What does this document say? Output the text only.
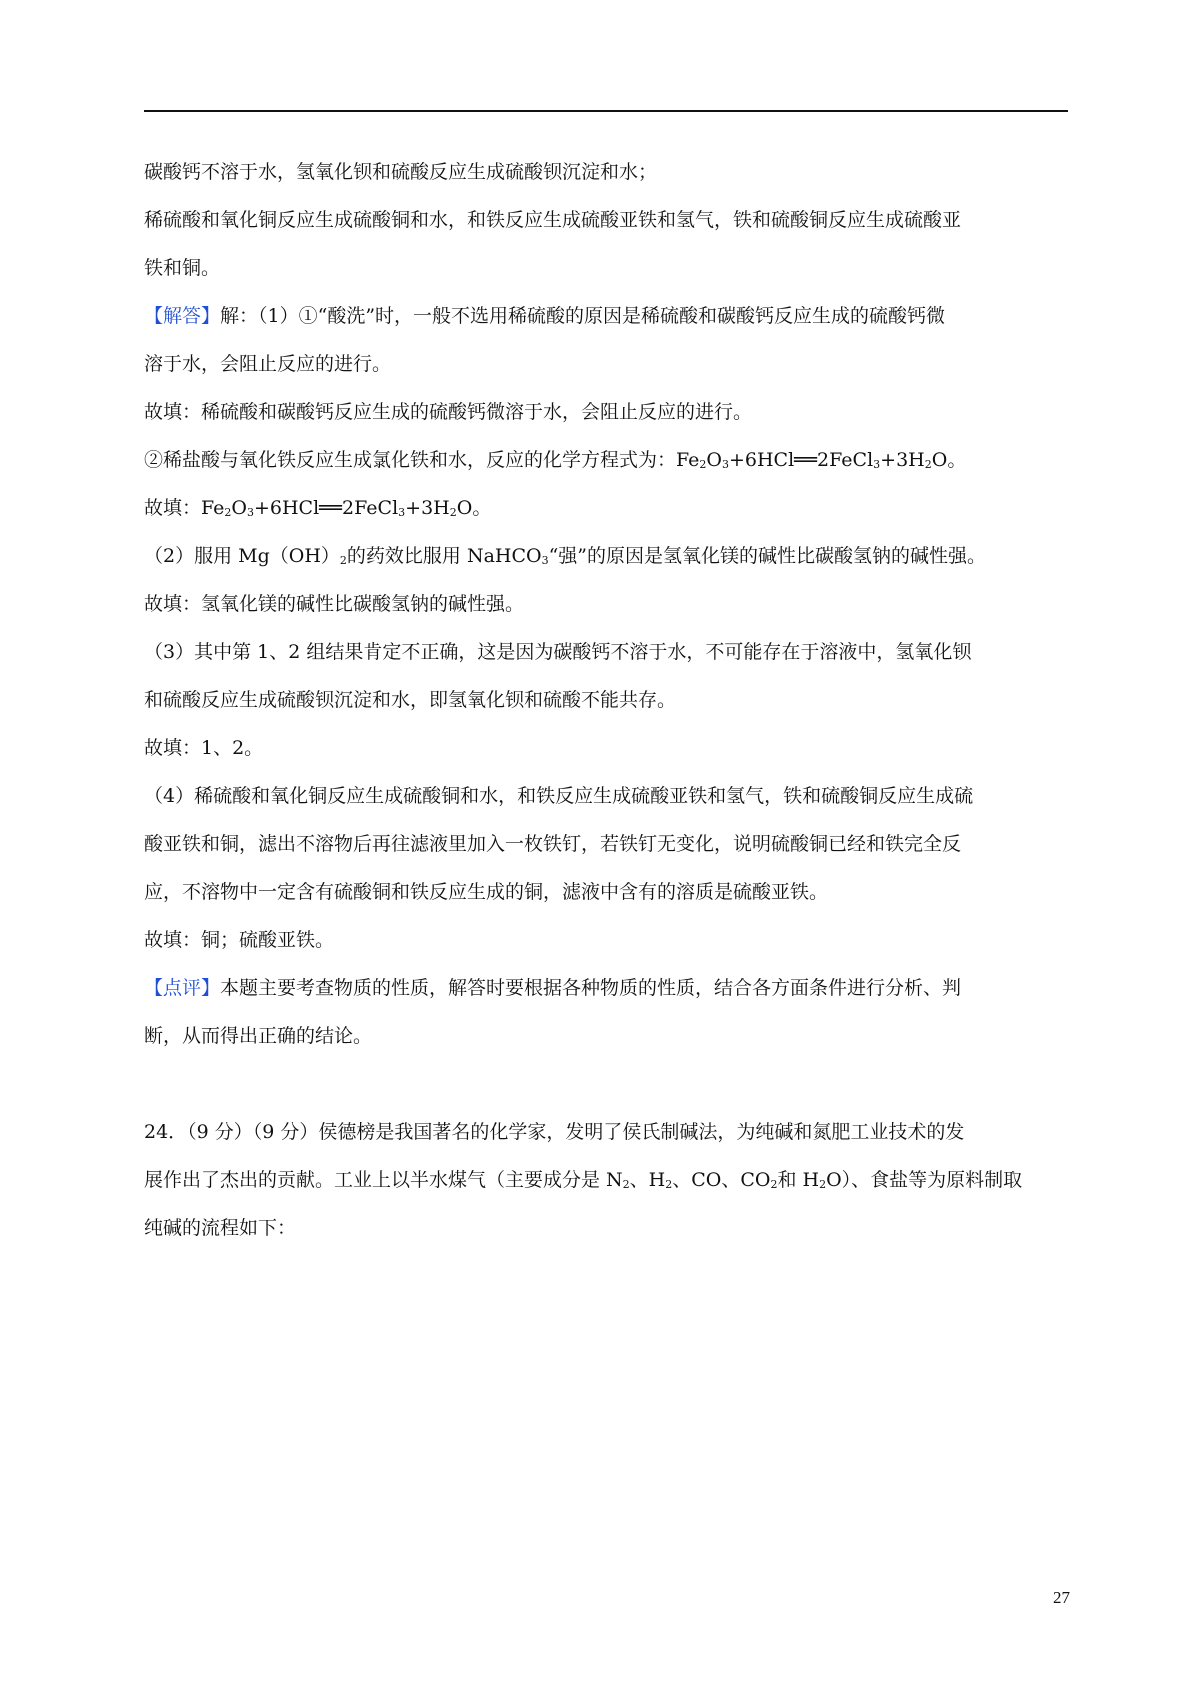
碳酸钙不溶于水，氢氧化钡和硫酸反应生成硫酸钡沉淀和水；

稀硫酸和氧化铜反应生成硫酸铜和水，和铁反应生成硫酸亚铁和氢气，铁和硫酸铜反应生成硫酸亚

铁和铜。

【解答】解：（1）①“酸洗”时，一般不选用稀硫酸的原因是稀硫酸和碳酸钙反应生成的硫酸钙微

溶于水，会阻止反应的进行。

故填：稀硫酸和碳酸钙反应生成的硫酸钙微溶于水，会阻止反应的进行。

②稀盐酸与氧化铁反应生成氯化铁和水，反应的化学方程式为：$Fe_2O_3+6HCl══2FeCl_3+3H_2O$。

故填：$Fe_2O_3+6HCl══2FeCl_3+3H_2O$。

（2）服用 $Mg(OH)_2$的药效比服用 NaHCO$_3$“强”的原因是氢氧化镁的碱性比碳酸氢钠的碱性强。

故填：氢氧化镁的碱性比碳酸氢钠的碱性强。

（3）其中第 1、2 组结果肯定不正确，这是因为碳酸钙不溶于水，不可能存在于溶液中，氢氧化钡

和硫酸反应生成硫酸钡沉淀和水，即氢氧化钡和硫酸不能共存。

故填：1、2。

（4）稀硫酸和氧化铜反应生成硫酸铜和水，和铁反应生成硫酸亚铁和氢气，铁和硫酸铜反应生成硫

酸亚铁和铜，滤出不溶物后再往滤液里加入一枚铁钉，若铁钉无变化，说明硫酸铜已经和铁完全反

应，不溶物中一定含有硫酸铜和铁反应生成的铜，滤液中含有的溶质是硫酸亚铁。

故填：铜；硫酸亚铁。

【点评】本题主要考查物质的性质，解答时要根据各种物质的性质，结合各方面条件进行分析、判

断，从而得出正确的结论。

24．（9 分）（9 分）侯德榜是我国著名的化学家，发明了侯氏制碱法，为纯碱和氮肥工业技术的发

展作出了杰出的贡献。工业上以半水煤气（主要成分是 $N_2$、$H_2$、CO、$CO_2$和 $H_2O$）、食盐等为原料制取

纯碱的流程如下：

27
